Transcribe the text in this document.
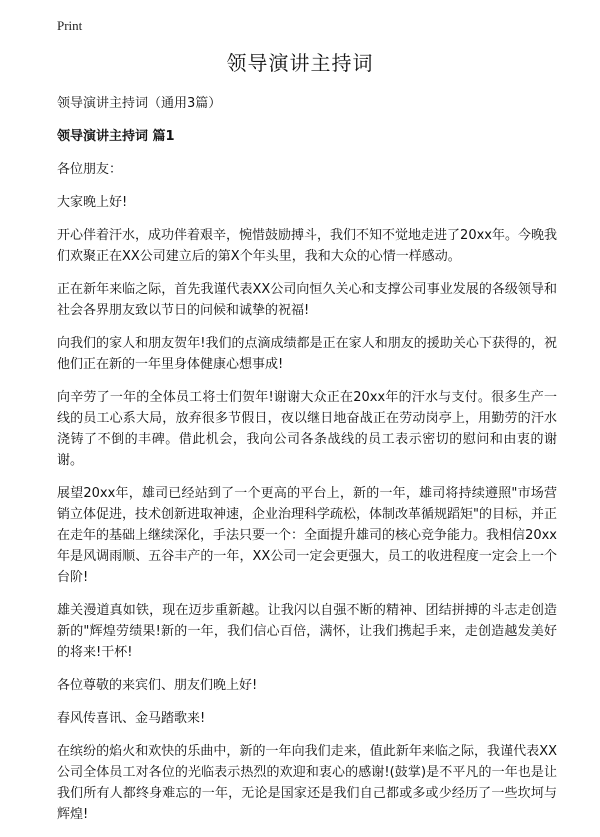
Print
领导演讲主持词

领导演讲主持词（通用3篇）

领导演讲主持词 篇1

各位朋友：

大家晚上好!

开心伴着汗水，成功伴着艰辛，惋惜鼓励搏斗，我们不知不觉地走进了20xx年。今晚我们欢聚正在XX公司建立后的第X个年头里，我和大众的心情一样感动。

正在新年来临之际，首先我谨代表XX公司向恒久关心和支撑公司事业发展的各级领导和社会各界朋友致以节日的问候和诚挚的祝福!

向我们的家人和朋友贺年!我们的点滴成绩都是正在家人和朋友的援助关心下获得的，祝他们正在新的一年里身体健康心想事成!

向辛劳了一年的全体员工将士们贺年!谢谢大众正在20xx年的汗水与支付。很多生产一线的员工心系大局，放弃很多节假日，夜以继日地奋战正在劳动岗亭上，用勤劳的汗水浇铸了不倒的丰碑。借此机会，我向公司各条战线的员工表示密切的慰问和由衷的谢谢。

展望20xx年，雄司已经站到了一个更高的平台上，新的一年，雄司将持续遵照"市场营销立体促进，技术创新进取神速，企业治理科学疏松，体制改革循规蹈矩"的目标，并正在走年的基础上继续深化，手法只要一个：全面提升雄司的核心竞争能力。我相信20xx年是风调雨顺、五谷丰产的一年，XX公司一定会更强大，员工的收进程度一定会上一个台阶!

雄关漫道真如铁，现在迈步重新越。让我闪以自强不断的精神、团结拼搏的斗志走创造新的"辉煌劳绩果!新的一年，我们信心百倍，满怀，让我们携起手来，走创造越发美好的将来!干杯!

各位尊敬的来宾们、朋友们晚上好!

春风传喜讯、金马踏歌来!

在缤纷的焰火和欢快的乐曲中，新的一年向我们走来，值此新年来临之际，我谨代表XX公司全体员工对各位的光临表示热烈的欢迎和衷心的感谢!(鼓掌)是不平凡的一年也是让我们所有人都终身难忘的一年，无论是国家还是我们自己都或多或少经历了一些坎坷与辉煌!
